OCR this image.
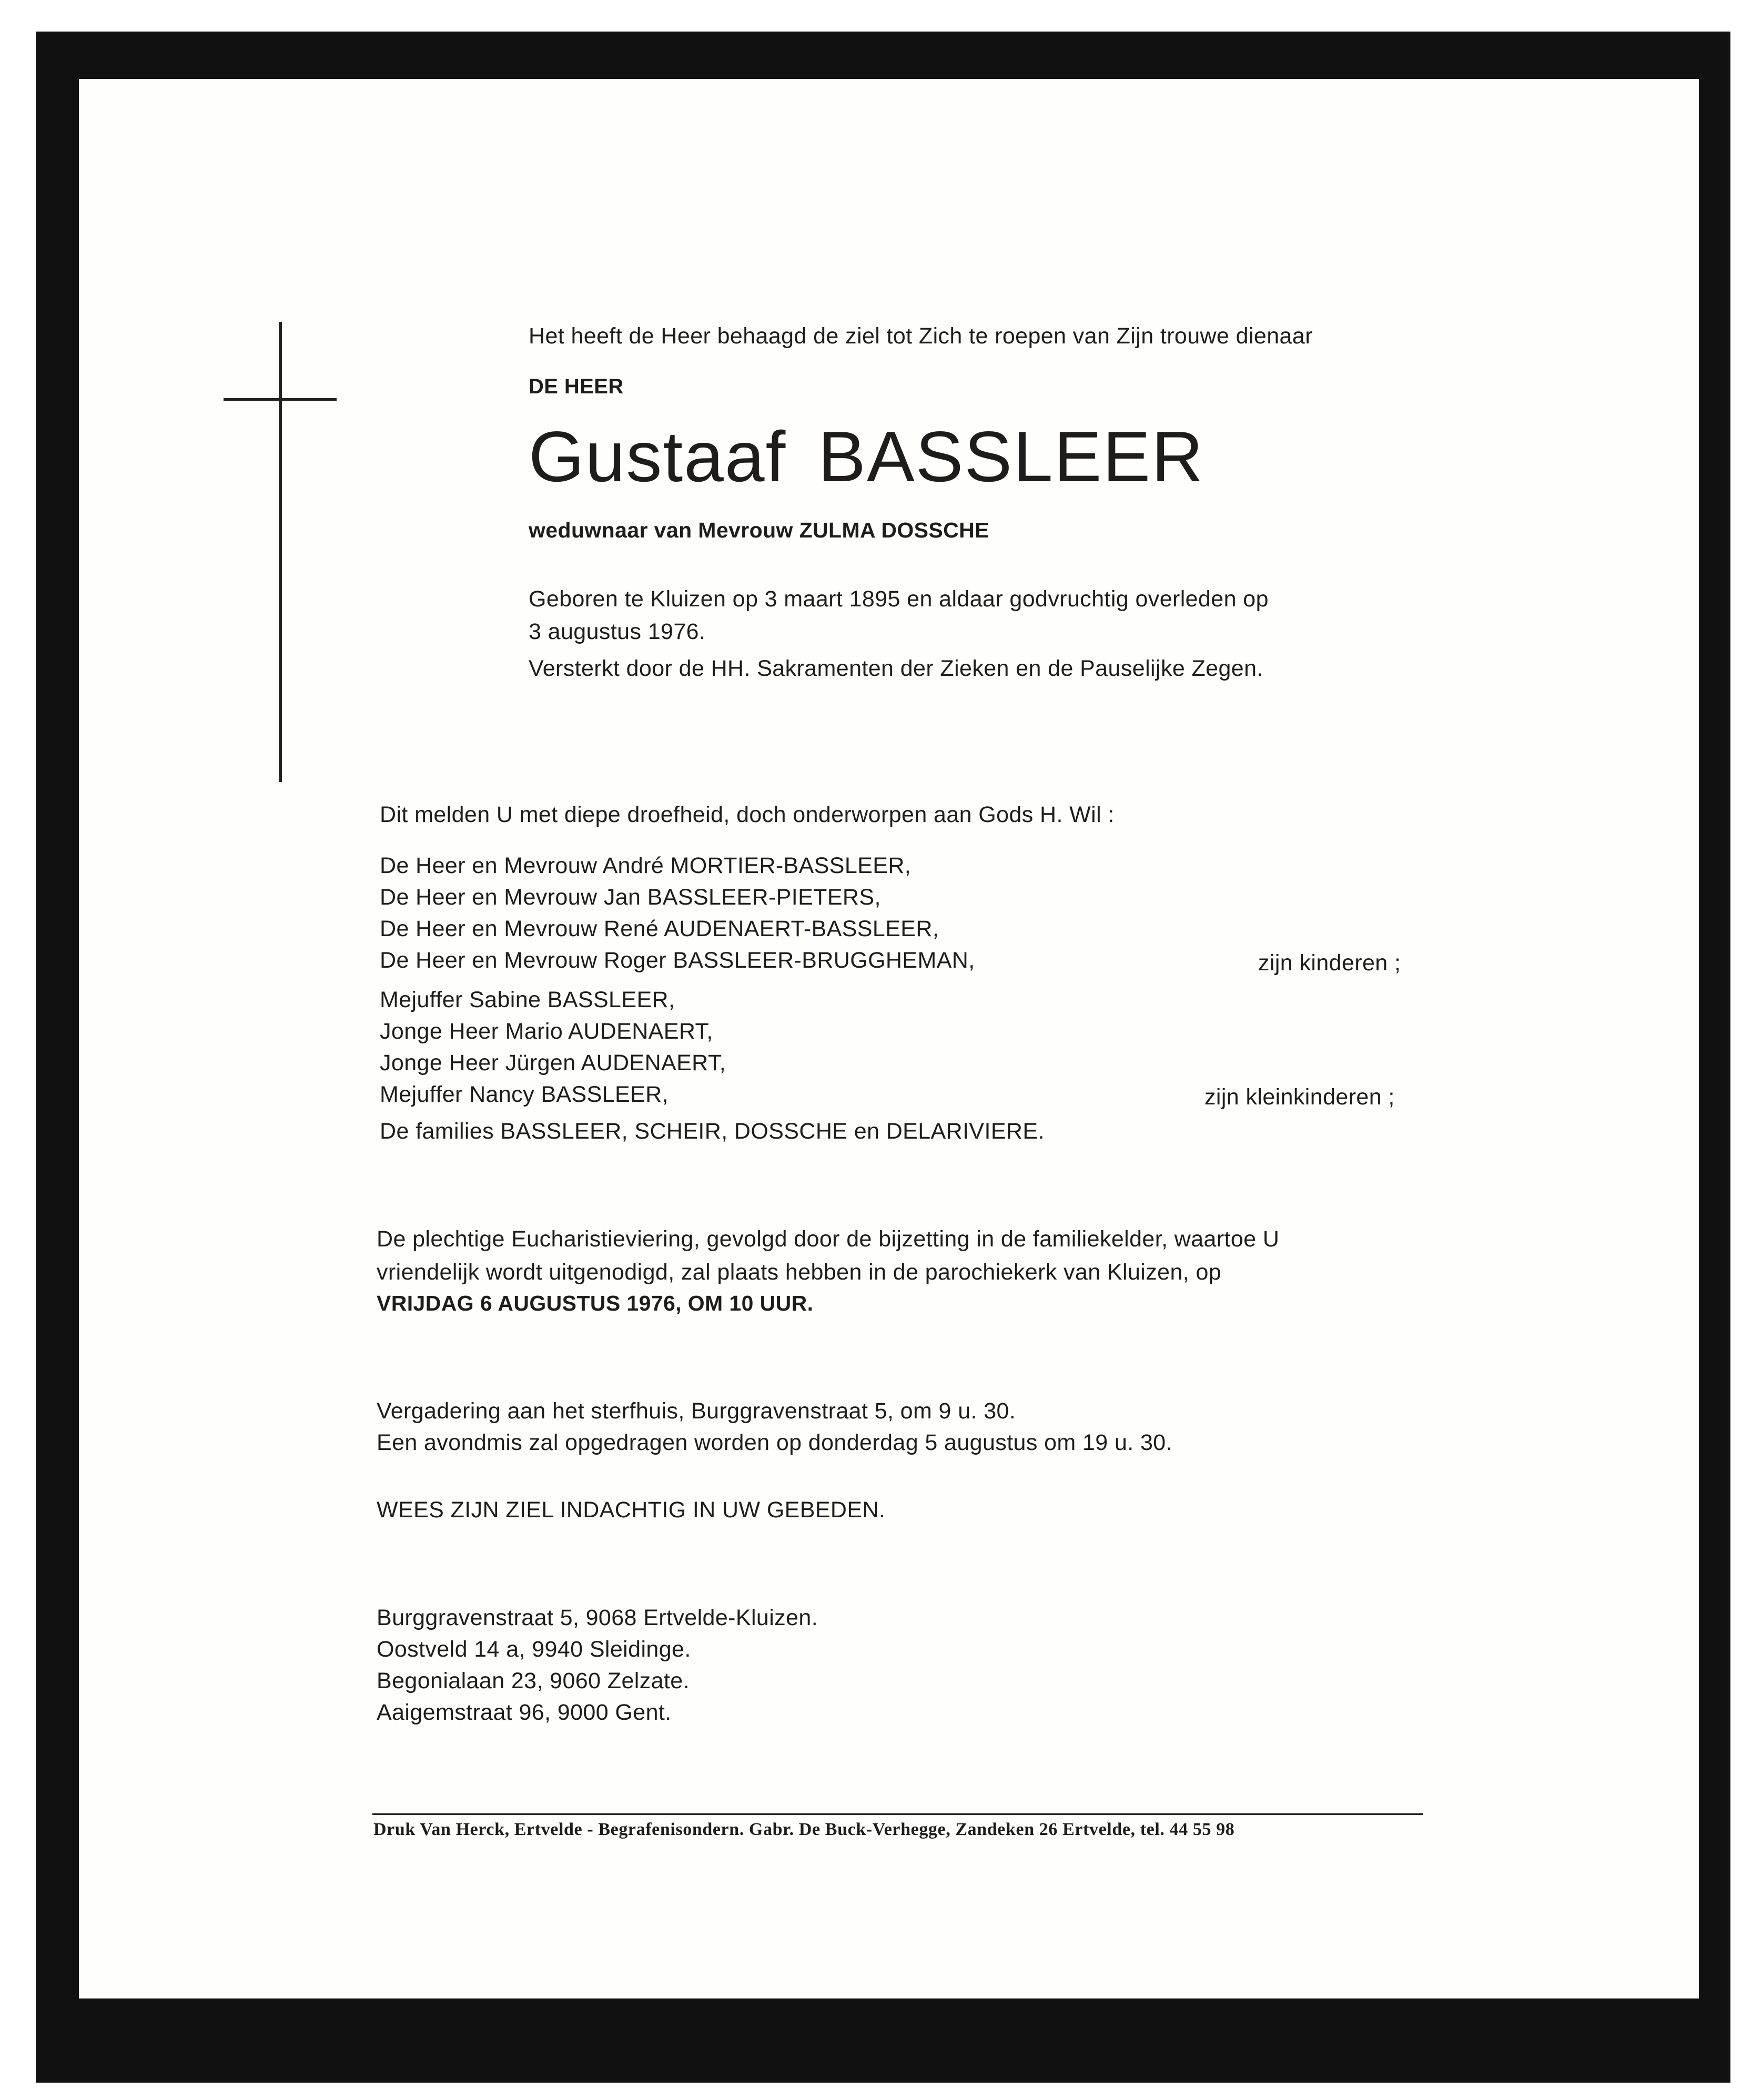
Het heeft de Heer behaagd de ziel tot Zich te roepen van Zijn trouwe dienaar
DE HEER
Gustaaf BASSLEER
weduwnaar van Mevrouw ZULMA DOSSCHE
Geboren te Kluizen op 3 maart 1895 en aldaar godvruchtig overleden op
3 augustus 1976.
Versterkt door de HH. Sakramenten der Zieken en de Pauselijke Zegen.
Dit melden U met diepe droefheid, doch onderworpen aan Gods H. Wil :
De Heer en Mevrouw André MORTIER-BASSLEER,
De Heer en Mevrouw Jan BASSLEER-PIETERS,
De Heer en Mevrouw René AUDENAERT-BASSLEER,
De Heer en Mevrouw Roger BASSLEER-BRUGGHEMAN,	zijn kinderen ;
Mejuffer Sabine BASSLEER,
Jonge Heer Mario AUDENAERT,
Jonge Heer Jürgen AUDENAERT,
Mejuffer Nancy BASSLEER,	zijn kleinkinderen ;
De families BASSLEER, SCHEIR, DOSSCHE en DELARIVIERE.
De plechtige Eucharistieviering, gevolgd door de bijzetting in de familiekelder, waartoe U
vriendelijk wordt uitgenodigd, zal plaats hebben in de parochiekerk van Kluizen, op
VRIJDAG 6 AUGUSTUS 1976, OM 10 UUR.
Vergadering aan het sterfhuis, Burggravenstraat 5, om 9 u. 30.
Een avondmis zal opgedragen worden op donderdag 5 augustus om 19 u. 30.
WEES ZIJN ZIEL INDACHTIG IN UW GEBEDEN.
Burggravenstraat 5, 9068 Ertvelde-Kluizen.
Oostveld 14 a, 9940 Sleidinge.
Begonialaan 23, 9060 Zelzate.
Aaigemstraat 96, 9000 Gent.
Druk Van Herck, Ertvelde - Begrafenisondern. Gabr. De Buck-Verhegge, Zandeken 26 Ertvelde, tel. 44 55 98
